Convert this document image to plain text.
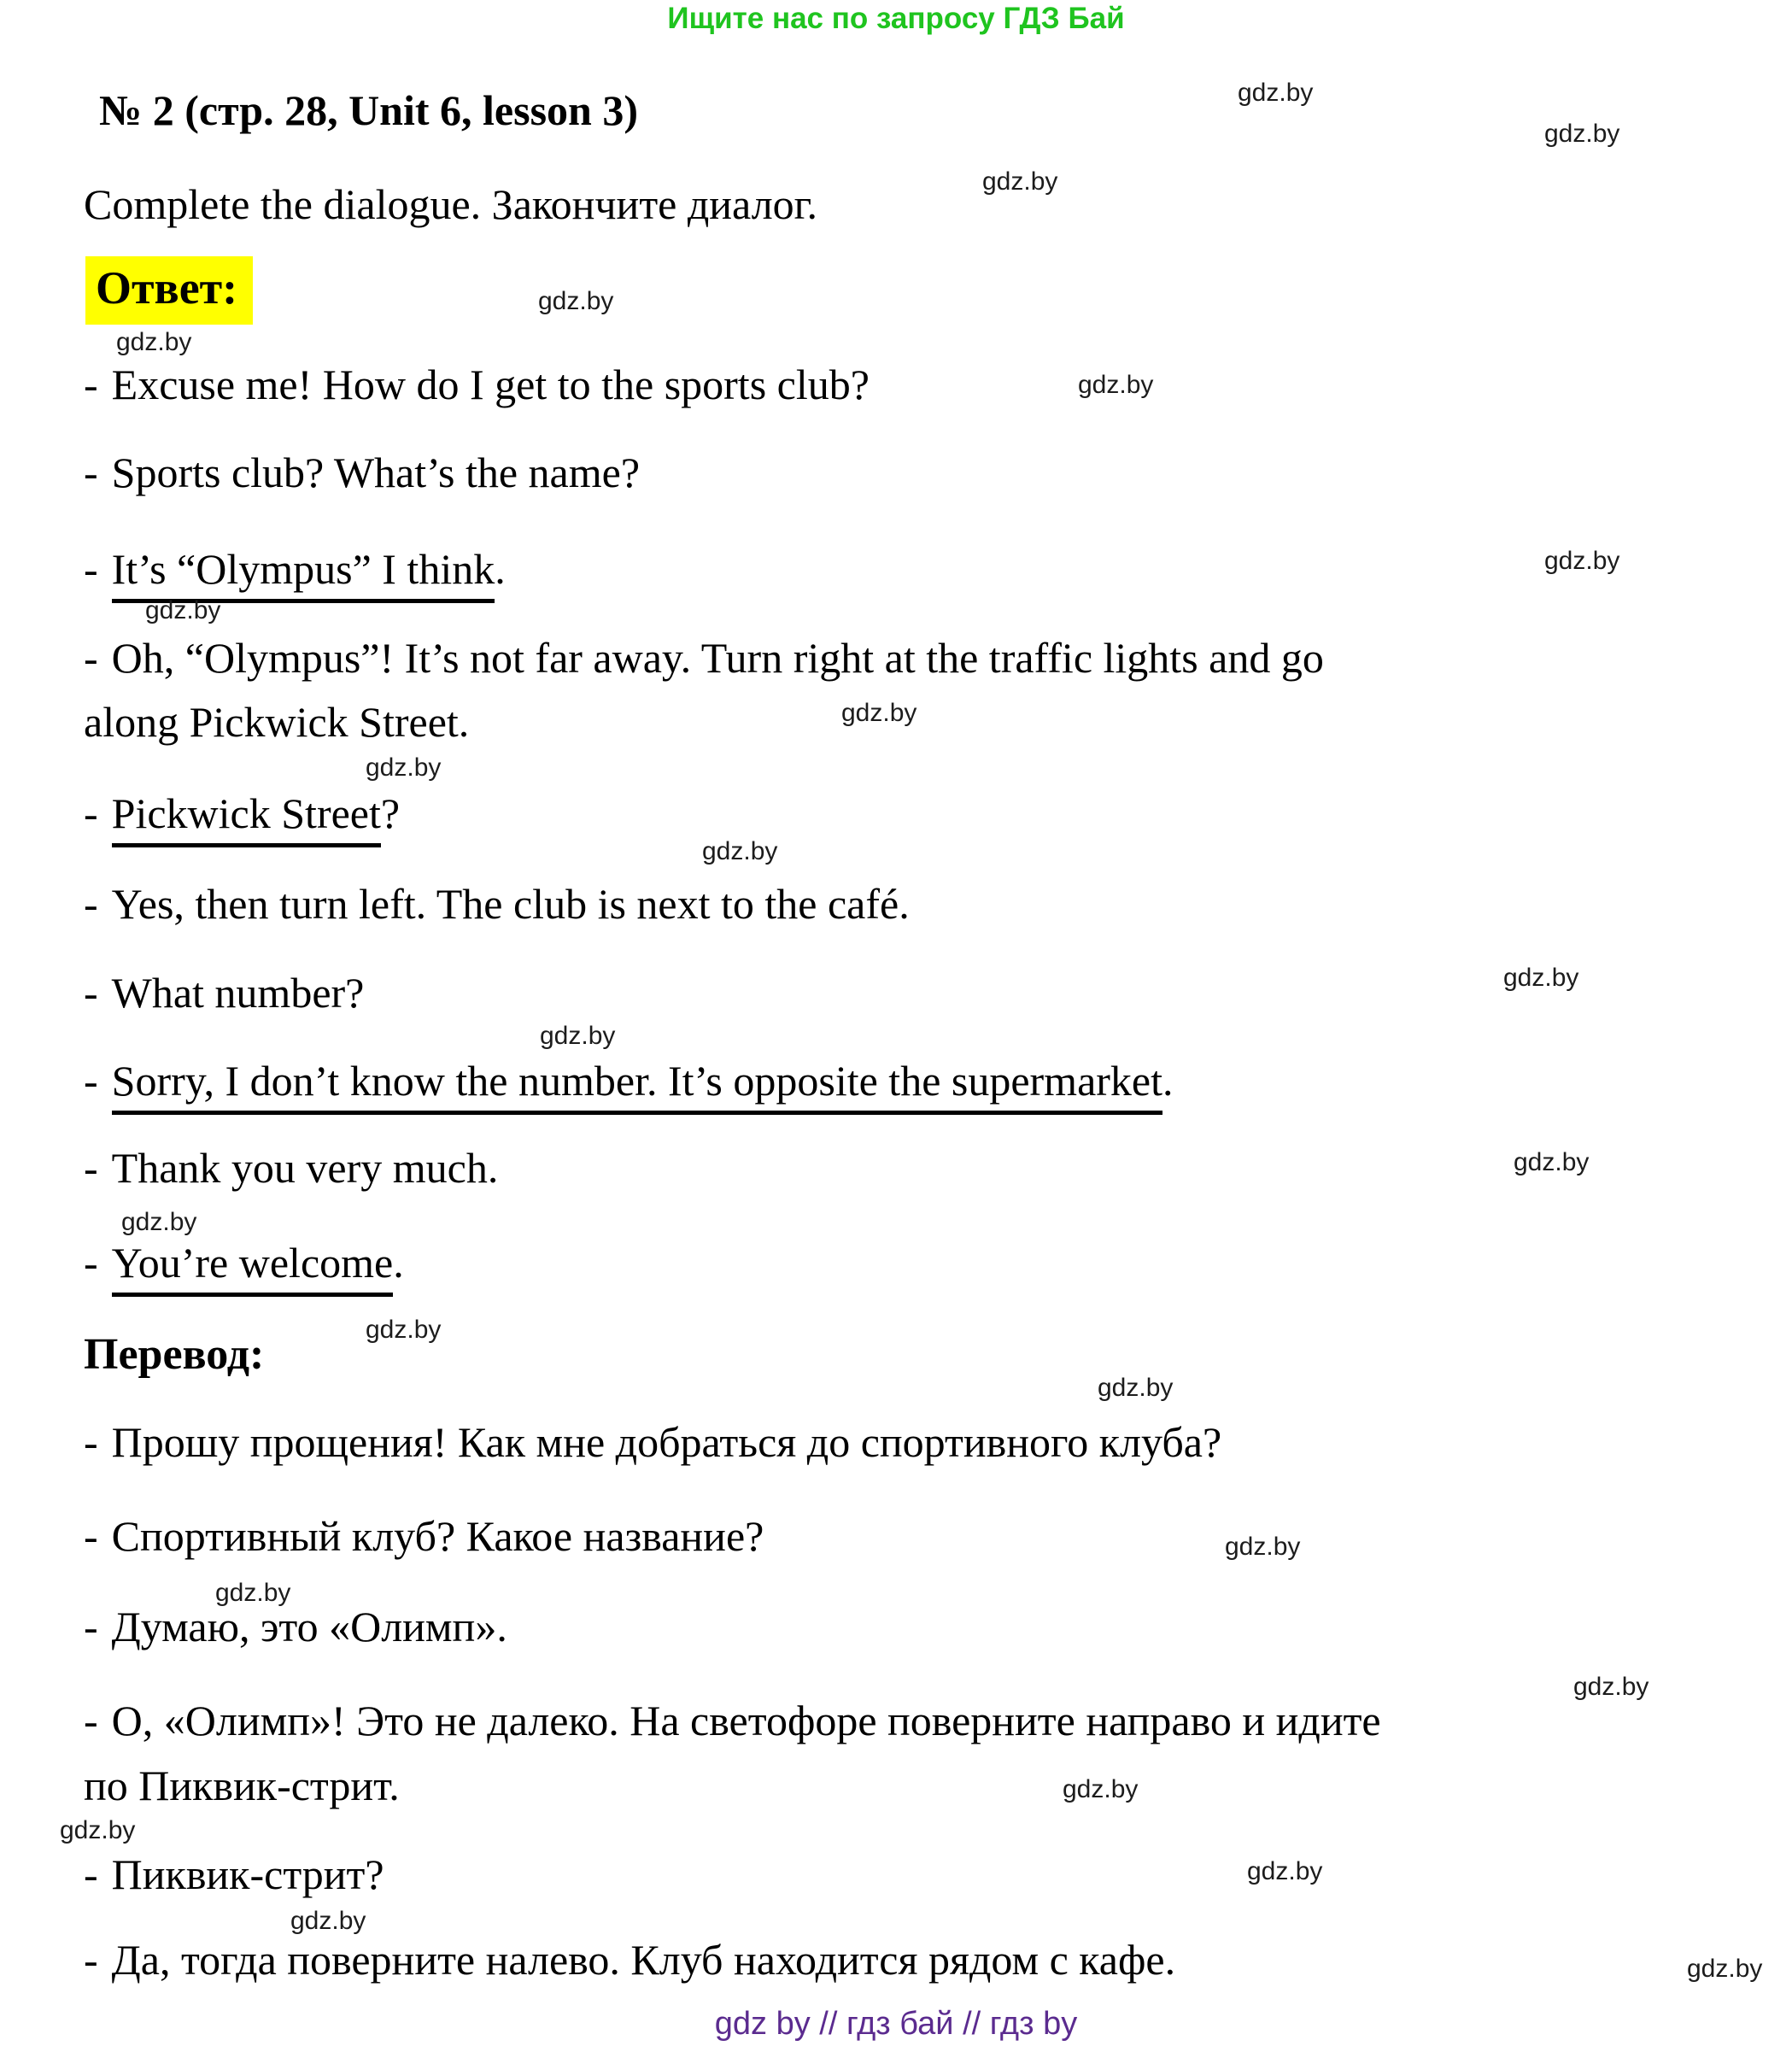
Ищите нас по запросу ГДЗ Бай
gdz.by
gdz.by
№ 2 (стр. 28, Unit 6, lesson 3)
gdz.by
Complete the dialogue. Закончите диалог.
Ответ:	gdz.by
gdz.by
- Excuse me! How do I get to the sports club?	gdz.by
- Sports club? What’s the name?
- It’s “Olympus” I think.	gdz.by
gdz.by
- Oh, “Olympus”! It’s not far away. Turn right at the traffic lights and go
along Pickwick Street.	gdz.by
gdz.by
- Pickwick Street?
gdz.by
- Yes, then turn left. The club is next to the café.
- What number?	gdz.by
gdz.by
- Sorry, I don’t know the number. It’s opposite the supermarket.
- Thank you very much.	gdz.by
gdz.by
- You’re welcome.
gdz.by
Перевод:
gdz.by
- Прошу прощения! Как мне добраться до спортивного клуба?
- Спортивный клуб? Какое название?	gdz.by
gdz.by
- Думаю, это «Олимп».
gdz.by
- О, «Олимп»! Это не далеко. На светофоре поверните направо и идите
по Пиквик-стрит.	gdz.by
gdz.by
- Пиквик-стрит?	gdz.by
gdz.by
- Да, тогда поверните налево. Клуб находится рядом с кафе.	gdz.by
gdz by // гдз бай // гдз by
